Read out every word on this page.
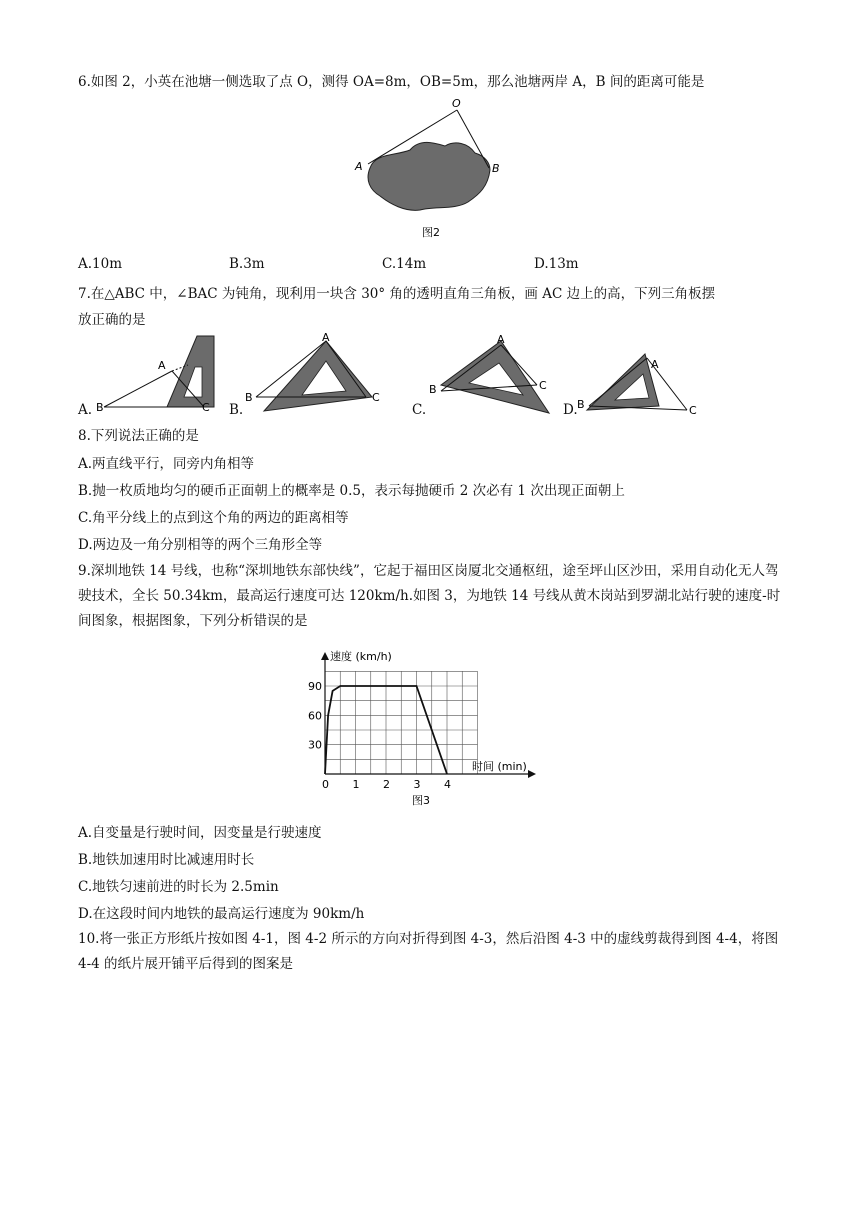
6.如图 2，小英在池塘一侧选取了点 O，测得 OA=8m，OB=5m，那么池塘两岸 A，B 间的距离可能是
O
A	B
图2
A.10m	B.3m	C.14m	D.13m
7.在△ABC 中，∠BAC 为钝角，现利用一块含 30° 角的透明直角三角板，画 AC 边上的高，下列三角板摆
放正确的是
A
B	C
A.
A
B	C
B.
A
B	C
C.
A
B	C
D.
8.下列说法正确的是
A.两直线平行，同旁内角相等
B.抛一枚质地均匀的硬币正面朝上的概率是 0.5，表示每抛硬币 2 次必有 1 次出现正面朝上
C.角平分线上的点到这个角的两边的距离相等
D.两边及一角分别相等的两个三角形全等
9.深圳地铁 14 号线，也称“深圳地铁东部快线”，它起于福田区岗厦北交通枢纽，途至坪山区沙田，采用自动化无人驾驶技术，全长 50.34km，最高运行速度可达 120km/h.如图 3，为地铁 14 号线从黄木岗站到罗湖北站行驶的速度-时间图象，根据图象，下列分析错误的是
0 1 2 3 4
30
60
90
速度 (km/h)
时间 (min)
图3
A.自变量是行驶时间，因变量是行驶速度
B.地铁加速用时比减速用时长
C.地铁匀速前进的时长为 2.5min
D.在这段时间内地铁的最高运行速度为 90km/h
10.将一张正方形纸片按如图 4-1，图 4-2 所示的方向对折得到图 4-3，然后沿图 4-3 中的虚线剪裁得到图 4-4，将图 4-4 的纸片展开铺平后得到的图案是
